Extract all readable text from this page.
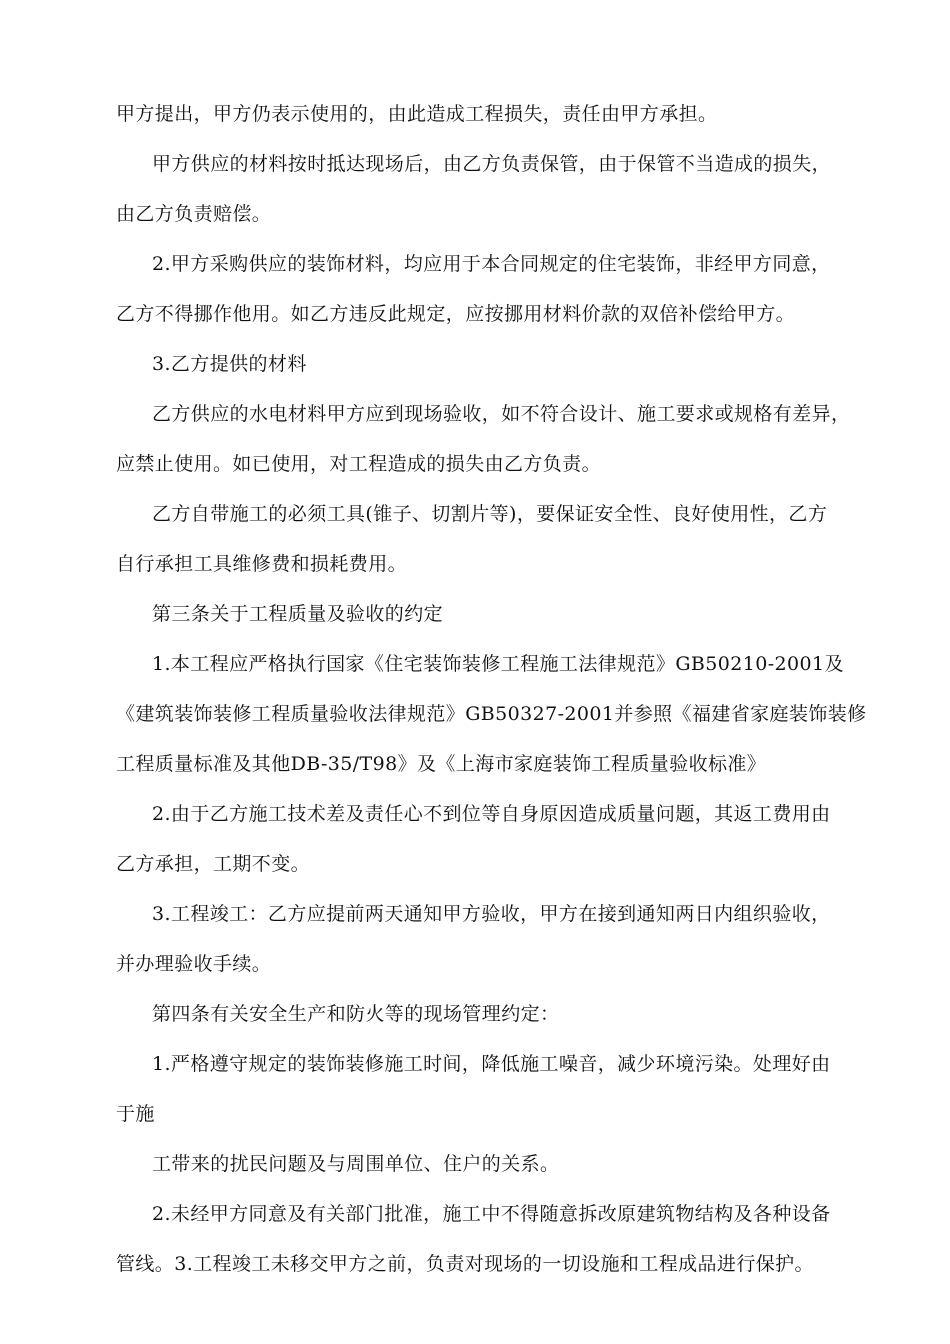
甲方提出，甲方仍表示使用的，由此造成工程损失，责任由甲方承担。
甲方供应的材料按时抵达现场后，由乙方负责保管，由于保管不当造成的损失，
由乙方负责赔偿。
2.甲方采购供应的装饰材料，均应用于本合同规定的住宅装饰，非经甲方同意，
乙方不得挪作他用。如乙方违反此规定，应按挪用材料价款的双倍补偿给甲方。
3.乙方提供的材料
乙方供应的水电材料甲方应到现场验收，如不符合设计、施工要求或规格有差异，
应禁止使用。如已使用，对工程造成的损失由乙方负责。
乙方自带施工的必须工具(锥子、切割片等)，要保证安全性、良好使用性，乙方
自行承担工具维修费和损耗费用。
第三条关于工程质量及验收的约定
1.本工程应严格执行国家《住宅装饰装修工程施工法律规范》GB50210-2001及
《建筑装饰装修工程质量验收法律规范》GB50327-2001并参照《福建省家庭装饰装修
工程质量标准及其他DB-35/T98》及《上海市家庭装饰工程质量验收标准》
2.由于乙方施工技术差及责任心不到位等自身原因造成质量问题，其返工费用由
乙方承担，工期不变。
3.工程竣工：乙方应提前两天通知甲方验收，甲方在接到通知两日内组织验收，
并办理验收手续。
第四条有关安全生产和防火等的现场管理约定：
1.严格遵守规定的装饰装修施工时间，降低施工噪音，减少环境污染。处理好由
于施
工带来的扰民问题及与周围单位、住户的关系。
2.未经甲方同意及有关部门批准，施工中不得随意拆改原建筑物结构及各种设备
管线。3.工程竣工未移交甲方之前，负责对现场的一切设施和工程成品进行保护。
